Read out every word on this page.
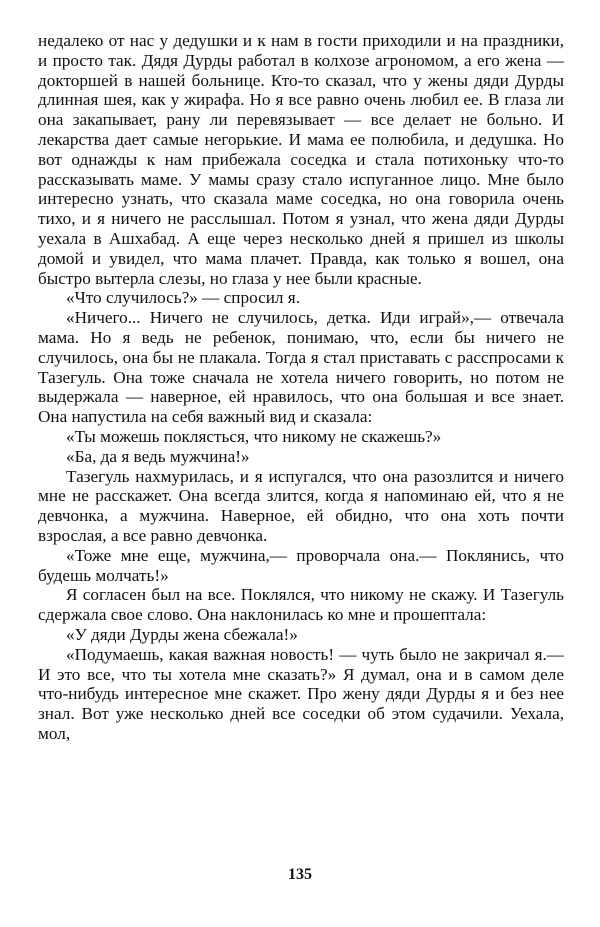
недалеко от нас у дедушки и к нам в гости приходили и на праздники, и просто так. Дядя Дурды работал в колхозе агрономом, а его жена — докторшей в нашей больнице. Кто-то сказал, что у жены дяди Дурды длинная шея, как у жирафа. Но я все равно очень любил ее. В глаза ли она закапывает, рану ли перевязывает — все делает не больно. И лекарства дает самые негорькие. И мама ее полюбила, и дедушка. Но вот однажды к нам прибежала соседка и стала потихоньку что-то рассказывать маме. У мамы сразу стало испуганное лицо. Мне было интересно узнать, что сказала маме соседка, но она говорила очень тихо, и я ничего не расслышал. Потом я узнал, что жена дяди Дурды уехала в Ашхабад. А еще через несколько дней я пришел из школы домой и увидел, что мама плачет. Правда, как только я вошел, она быстро вытерла слезы, но глаза у нее были красные.

«Что случилось?» — спросил я.

«Ничего... Ничего не случилось, детка. Иди играй»,— отвечала мама. Но я ведь не ребенок, понимаю, что, если бы ничего не случилось, она бы не плакала. Тогда я стал приставать с расспросами к Тазегуль. Она тоже сначала не хотела ничего говорить, но потом не выдержала — наверное, ей нравилось, что она большая и все знает. Она напустила на себя важный вид и сказала:

«Ты можешь поклясться, что никому не скажешь?»

«Ба, да я ведь мужчина!»

Тазегуль нахмурилась, и я испугался, что она разозлится и ничего мне не расскажет. Она всегда злится, когда я напоминаю ей, что я не девчонка, а мужчина. Наверное, ей обидно, что она хоть почти взрослая, а все равно девчонка.

«Тоже мне еще, мужчина,— проворчала она.— Поклянись, что будешь молчать!»

Я согласен был на все. Поклялся, что никому не скажу. И Тазегуль сдержала свое слово. Она наклонилась ко мне и прошептала:

«У дяди Дурды жена сбежала!»

«Подумаешь, какая важная новость! — чуть было не закричал я.— И это все, что ты хотела мне сказать?» Я думал, она и в самом деле что-нибудь интересное мне скажет. Про жену дяди Дурды я и без нее знал. Вот уже несколько дней все соседки об этом судачили. Уехала, мол,

135
